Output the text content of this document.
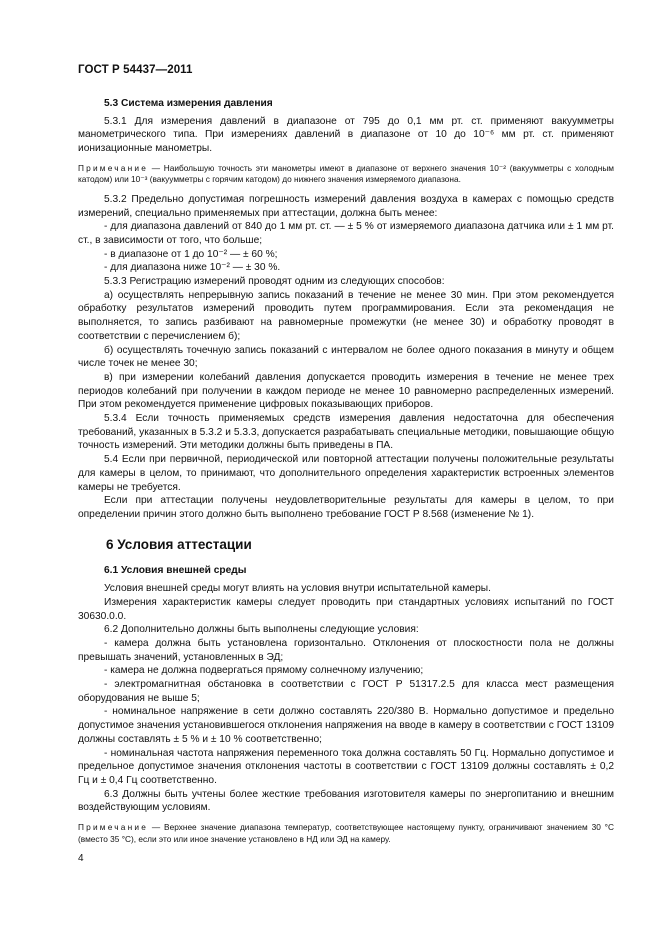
ГОСТ Р 54437—2011
5.3 Система измерения давления

5.3.1 Для измерения давлений в диапазоне от 795 до 0,1 мм рт. ст. применяют вакуумметры манометрического типа. При измерениях давлений в диапазоне от 10 до 10⁻⁶ мм рт. ст. применяют ионизационные манометры.

Примечание — Наибольшую точность эти манометры имеют в диапазоне от верхнего значения 10⁻² (вакуумметры с холодным катодом) или 10⁻³ (вакуумметры с горячим катодом) до нижнего значения измеряемого диапазона.

5.3.2 Предельно допустимая погрешность измерений давления воздуха в камерах с помощью средств измерений, специально применяемых при аттестации, должна быть менее:

- для диапазона давлений от 840 до 1 мм рт. ст. — ± 5 % от измеряемого диапазона датчика или ± 1 мм рт. ст., в зависимости от того, что больше;

- в диапазоне от 1 до 10⁻² — ± 60 %;

- для диапазона ниже 10⁻² — ± 30 %.

5.3.3 Регистрацию измерений проводят одним из следующих способов:

а) осуществлять непрерывную запись показаний в течение не менее 30 мин. При этом рекомендуется обработку результатов измерений проводить путем программирования. Если эта рекомендация не выполняется, то запись разбивают на равномерные промежутки (не менее 30) и обработку проводят в соответствии с перечислением б);

б) осуществлять точечную запись показаний с интервалом не более одного показания в минуту и общем числе точек не менее 30;

в) при измерении колебаний давления допускается проводить измерения в течение не менее трех периодов колебаний при получении в каждом периоде не менее 10 равномерно распределенных измерений. При этом рекомендуется применение цифровых показывающих приборов.

5.3.4 Если точность применяемых средств измерения давления недостаточна для обеспечения требований, указанных в 5.3.2 и 5.3.3, допускается разрабатывать специальные методики, повышающие общую точность измерений. Эти методики должны быть приведены в ПА.

5.4 Если при первичной, периодической или повторной аттестации получены положительные результаты для камеры в целом, то принимают, что дополнительного определения характеристик встроенных элементов камеры не требуется.

Если при аттестации получены неудовлетворительные результаты для камеры в целом, то при определении причин этого должно быть выполнено требование ГОСТ Р 8.568 (изменение № 1).

6 Условия аттестации
6.1 Условия внешней среды

Условия внешней среды могут влиять на условия внутри испытательной камеры.

Измерения характеристик камеры следует проводить при стандартных условиях испытаний по ГОСТ 30630.0.0.

6.2 Дополнительно должны быть выполнены следующие условия:

- камера должна быть установлена горизонтально. Отклонения от плоскостности пола не должны превышать значений, установленных в ЭД;

- камера не должна подвергаться прямому солнечному излучению;

- электромагнитная обстановка в соответствии с ГОСТ Р 51317.2.5 для класса мест размещения оборудования не выше 5;

- номинальное напряжение в сети должно составлять 220/380 В. Нормально допустимое и предельно допустимое значения установившегося отклонения напряжения на вводе в камеру в соответствии с ГОСТ 13109 должны составлять ± 5 % и ± 10 % соответственно;

- номинальная частота напряжения переменного тока должна составлять 50 Гц. Нормально допустимое и предельное допустимое значения отклонения частоты в соответствии с ГОСТ 13109 должны составлять ± 0,2 Гц и ± 0,4 Гц соответственно.

6.3 Должны быть учтены более жесткие требования изготовителя камеры по энергопитанию и внешним воздействующим условиям.

Примечание — Верхнее значение диапазона температур, соответствующее настоящему пункту, ограничивают значением 30 °С (вместо 35 °С), если это или иное значение установлено в НД или ЭД на камеру.
4
